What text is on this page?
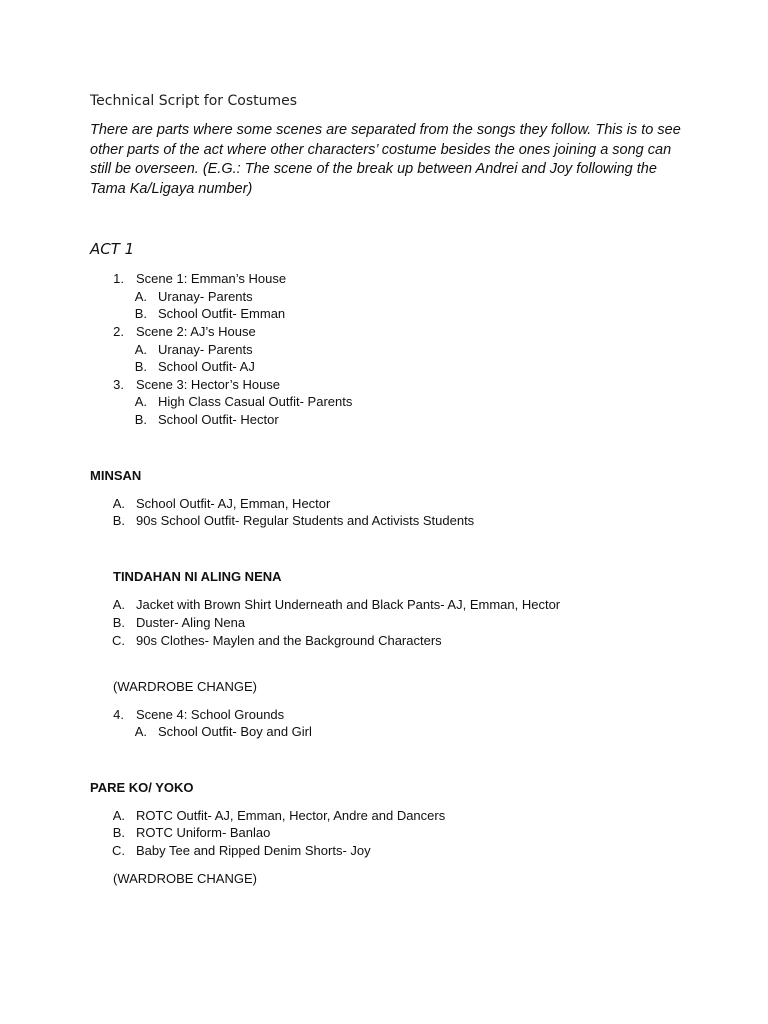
Technical Script for Costumes
There are parts where some scenes are separated from the songs they follow. This is to see other parts of the act where other characters’ costume besides the ones joining a song can still be overseen. (E.G.: The scene of the break up between Andrei and Joy following the Tama Ka/Ligaya number)
ACT 1
1. Scene 1: Emman’s House
A. Uranay- Parents
B. School Outfit- Emman
2. Scene 2: AJ’s House
A. Uranay- Parents
B. School Outfit- AJ
3. Scene 3: Hector’s House
A. High Class Casual Outfit- Parents
B. School Outfit- Hector
MINSAN
A. School Outfit- AJ, Emman, Hector
B. 90s School Outfit- Regular Students and Activists Students
TINDAHAN NI ALING NENA
A. Jacket with Brown Shirt Underneath and Black Pants- AJ, Emman, Hector
B. Duster- Aling Nena
C. 90s Clothes- Maylen and the Background Characters
(WARDROBE CHANGE)
4. Scene 4: School Grounds
A. School Outfit- Boy and Girl
PARE KO/ YOKO
A. ROTC Outfit- AJ, Emman, Hector, Andre and Dancers
B. ROTC Uniform- Banlao
C. Baby Tee and Ripped Denim Shorts- Joy
(WARDROBE CHANGE)
